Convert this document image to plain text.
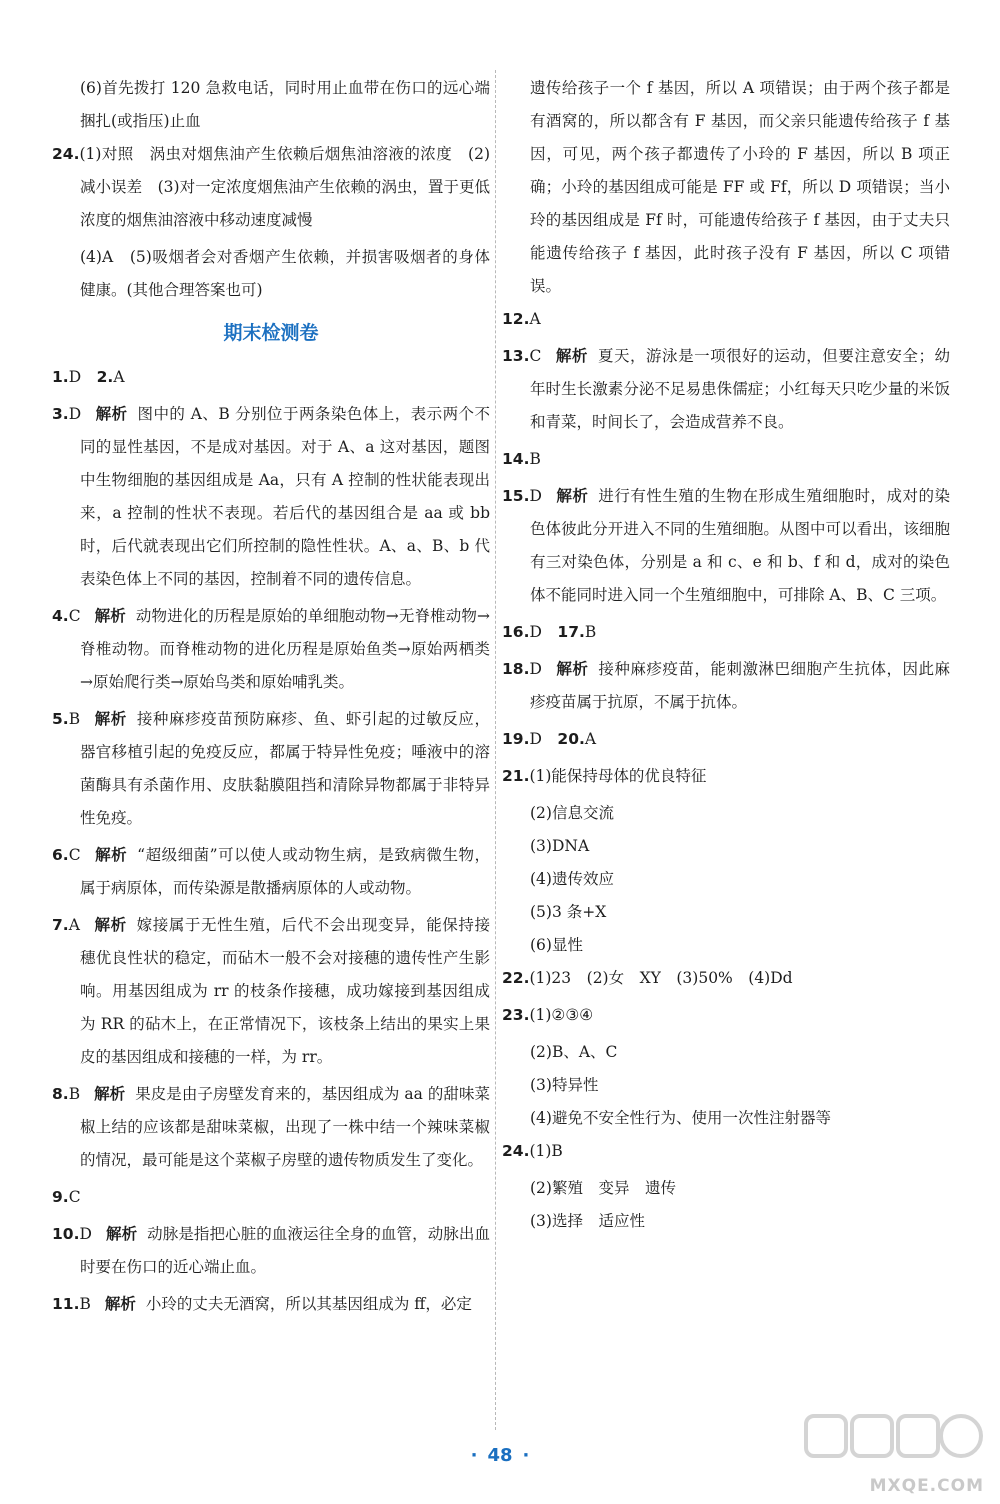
(6)首先拨打 120 急救电话，同时用止血带在伤口的远心端捆扎(或指压)止血
24.(1)对照　涡虫对烟焦油产生依赖后烟焦油溶液的浓度　(2)减小误差　(3)对一定浓度烟焦油产生依赖的涡虫，置于更低浓度的烟焦油溶液中移动速度减慢
(4)A　(5)吸烟者会对香烟产生依赖，并损害吸烟者的身体健康。(其他合理答案也可)
期末检测卷
1.D　2.A
3.D 解析 图中的 A、B 分别位于两条染色体上，表示两个不同的显性基因，不是成对基因。对于 A、a 这对基因，题图中生物细胞的基因组成是 Aa，只有 A 控制的性状能表现出来，a 控制的性状不表现。若后代的基因组合是 aa 或 bb 时，后代就表现出它们所控制的隐性性状。A、a、B、b 代表染色体上不同的基因，控制着不同的遗传信息。
4.C 解析 动物进化的历程是原始的单细胞动物→无脊椎动物→脊椎动物。而脊椎动物的进化历程是原始鱼类→原始两栖类→原始爬行类→原始鸟类和原始哺乳类。
5.B 解析 接种麻疹疫苗预防麻疹、鱼、虾引起的过敏反应，器官移植引起的免疫反应，都属于特异性免疫；唾液中的溶菌酶具有杀菌作用、皮肤黏膜阻挡和清除异物都属于非特异性免疫。
6.C 解析 “超级细菌”可以使人或动物生病，是致病微生物，属于病原体，而传染源是散播病原体的人或动物。
7.A 解析 嫁接属于无性生殖，后代不会出现变异，能保持接穗优良性状的稳定，而砧木一般不会对接穗的遗传性产生影响。用基因组成为 rr 的枝条作接穗，成功嫁接到基因组成为 RR 的砧木上，在正常情况下，该枝条上结出的果实上果皮的基因组成和接穗的一样，为 rr。
8.B 解析 果皮是由子房壁发育来的，基因组成为 aa 的甜味菜椒上结的应该都是甜味菜椒，出现了一株中结一个辣味菜椒的情况，最可能是这个菜椒子房壁的遗传物质发生了变化。
9.C
10.D 解析 动脉是指把心脏的血液运往全身的血管，动脉出血时要在伤口的近心端止血。
11.B 解析 小玲的丈夫无酒窝，所以其基因组成为 ff，必定
遗传给孩子一个 f 基因，所以 A 项错误；由于两个孩子都是有酒窝的，所以都含有 F 基因，而父亲只能遗传给孩子 f 基因，可见，两个孩子都遗传了小玲的 F 基因，所以 B 项正确；小玲的基因组成可能是 FF 或 Ff，所以 D 项错误；当小玲的基因组成是 Ff 时，可能遗传给孩子 f 基因，由于丈夫只能遗传给孩子 f 基因，此时孩子没有 F 基因，所以 C 项错误。
12.A
13.C 解析 夏天，游泳是一项很好的运动，但要注意安全；幼年时生长激素分泌不足易患侏儒症；小红每天只吃少量的米饭和青菜，时间长了，会造成营养不良。
14.B
15.D 解析 进行有性生殖的生物在形成生殖细胞时，成对的染色体彼此分开进入不同的生殖细胞。从图中可以看出，该细胞有三对染色体，分别是 a 和 c、e 和 b、f 和 d，成对的染色体不能同时进入同一个生殖细胞中，可排除 A、B、C 三项。
16.D　17.B
18.D 解析 接种麻疹疫苗，能刺激淋巴细胞产生抗体，因此麻疹疫苗属于抗原，不属于抗体。
19.D　20.A
21.(1)能保持母体的优良特征
(2)信息交流
(3)DNA
(4)遗传效应
(5)3 条+X
(6)显性
22.(1)23　(2)女　XY　(3)50%　(4)Dd
23.(1)②③④
(2)B、A、C
(3)特异性
(4)避免不安全性行为、使用一次性注射器等
24.(1)B
(2)繁殖　变异　遗传
(3)选择　适应性
· 48 ·
MXQE.COM
